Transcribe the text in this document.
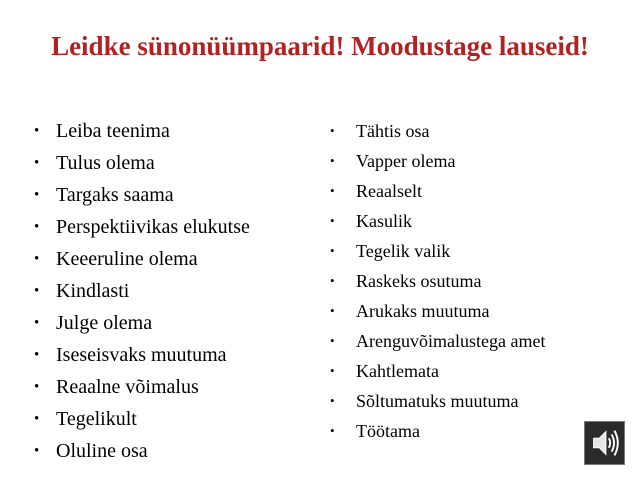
Leidke sünonüümpaarid! Moodustage lauseid!
• Leiba teenima
• Tulus olema
• Targaks saama
• Perspektiivikas elukutse
• Keeeruline olema
• Kindlasti
• Julge olema
• Iseseisvaks muutuma
• Reaalne võimalus
• Tegelikult
• Oluline osa
• Tähtis osa
• Vapper olema
• Reaalselt
• Kasulik
• Tegelik valik
• Raskeks osutuma
• Arukaks muutuma
• Arenguvõimalustega amet
• Kahtlemata
• Sõltumatuks muutuma
• Töötama
